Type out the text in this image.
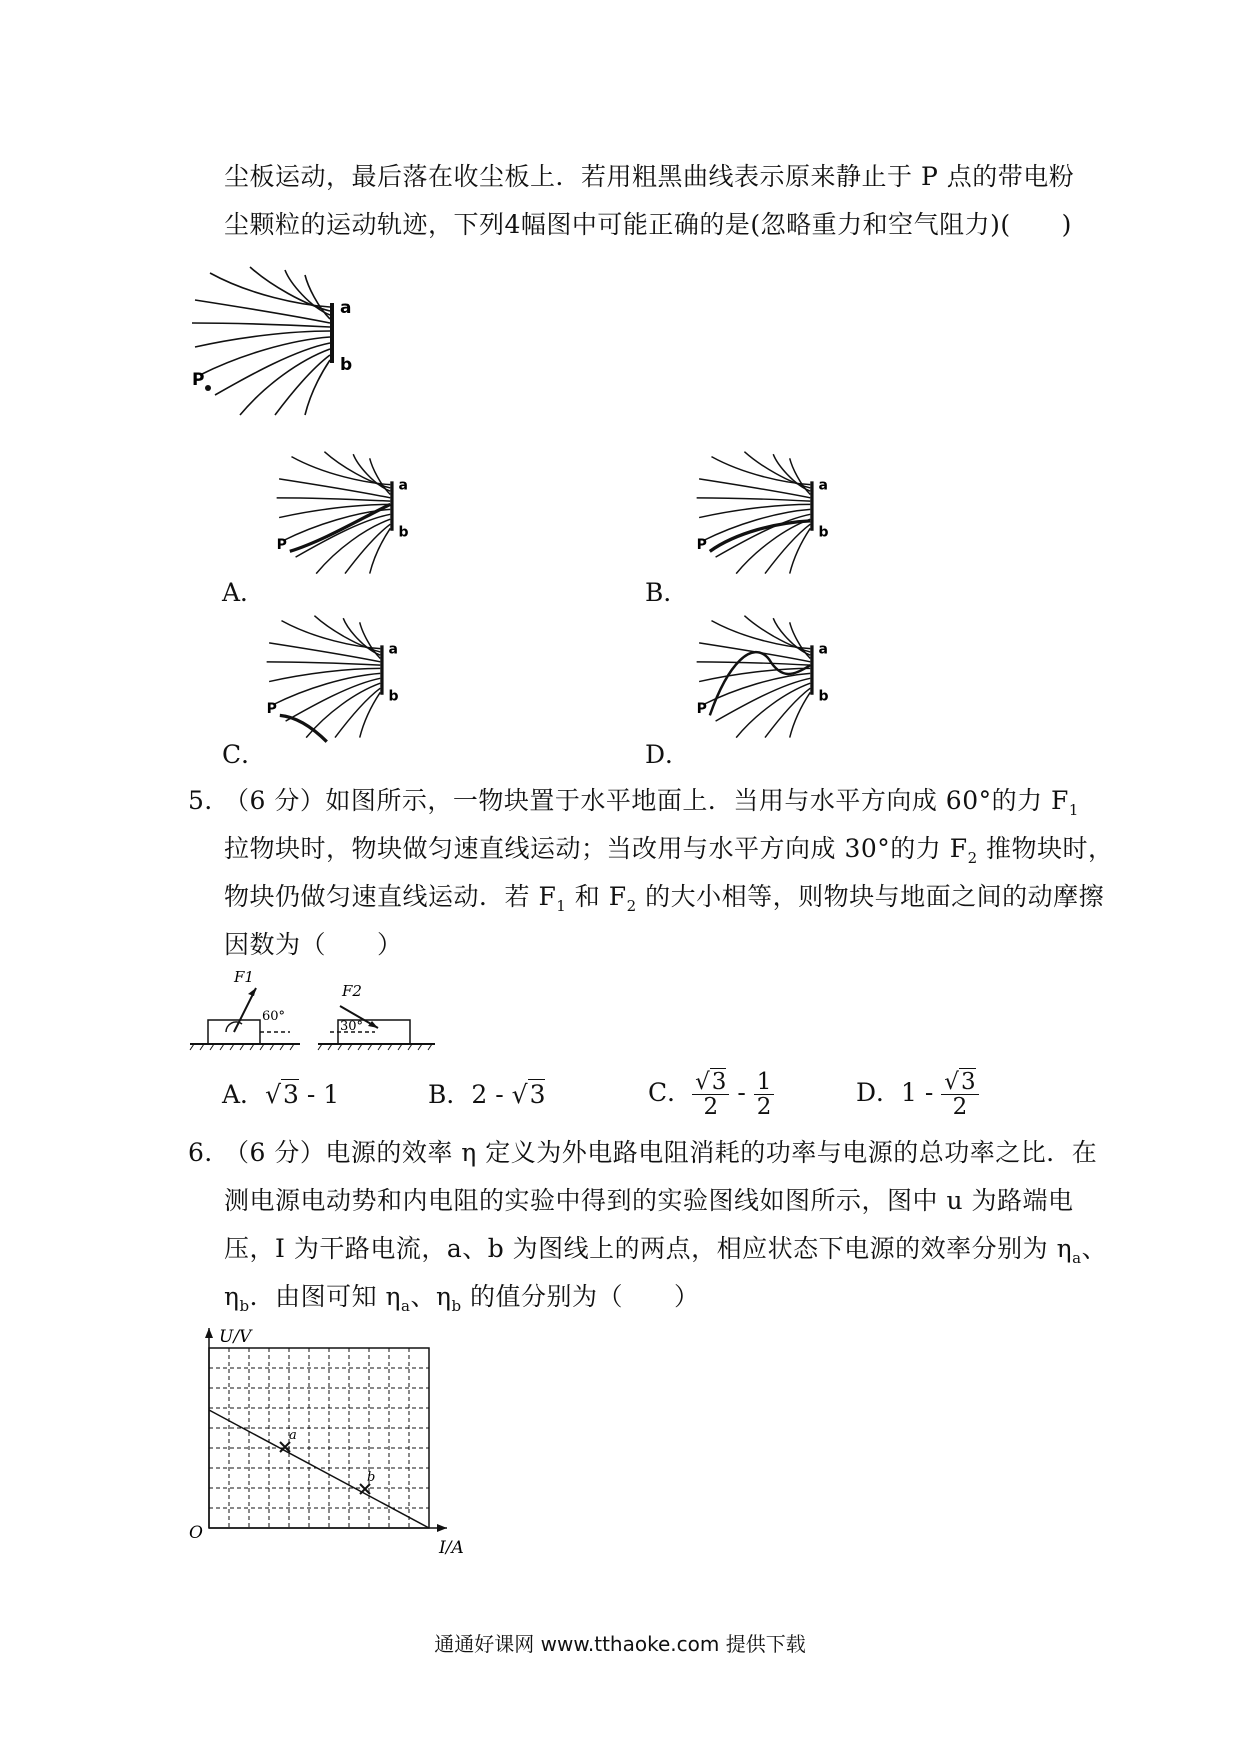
尘板运动，最后落在收尘板上．若用粗黑曲线表示原来静止于 P 点的带电粉
尘颗粒的运动轨迹，下列4幅图中可能正确的是(忽略重力和空气阻力)(　　)
a
b
P
a
b
P
A．
a
b
P
B．
a
b
P
C．
a
b
P
D．
5．
（6 分）如图所示，一物块置于水平地面上．当用与水平方向成 60°的力 $F_1$
拉物块时，物块做匀速直线运动；当改用与水平方向成 30°的力 $F_2$ 推物块时，
物块仍做匀速直线运动．若 $F_1$ 和 $F_2$ 的大小相等，则物块与地面之间的动摩擦
因数为（　　）
F1
60°
F2
30°
A．√3 - 1	B．2 - √3	C． $\frac{√3}{2} - \frac{1}{2}$	D．$1 - \frac{√3}{2}$
6．
（6 分）电源的效率 η 定义为外电路电阻消耗的功率与电源的总功率之比．在
测电源电动势和内电阻的实验中得到的实验图线如图所示，图中 u 为路端电
压，I 为干路电流，a、b 为图线上的两点，相应状态下电源的效率分别为 $\eta_a$、
$\eta_b$．由图可知 $\eta_a$、$\eta_b$ 的值分别为（　　）
U/V
I/A
O
a
b
通通好课网 www.tthaoke.com 提供下载
